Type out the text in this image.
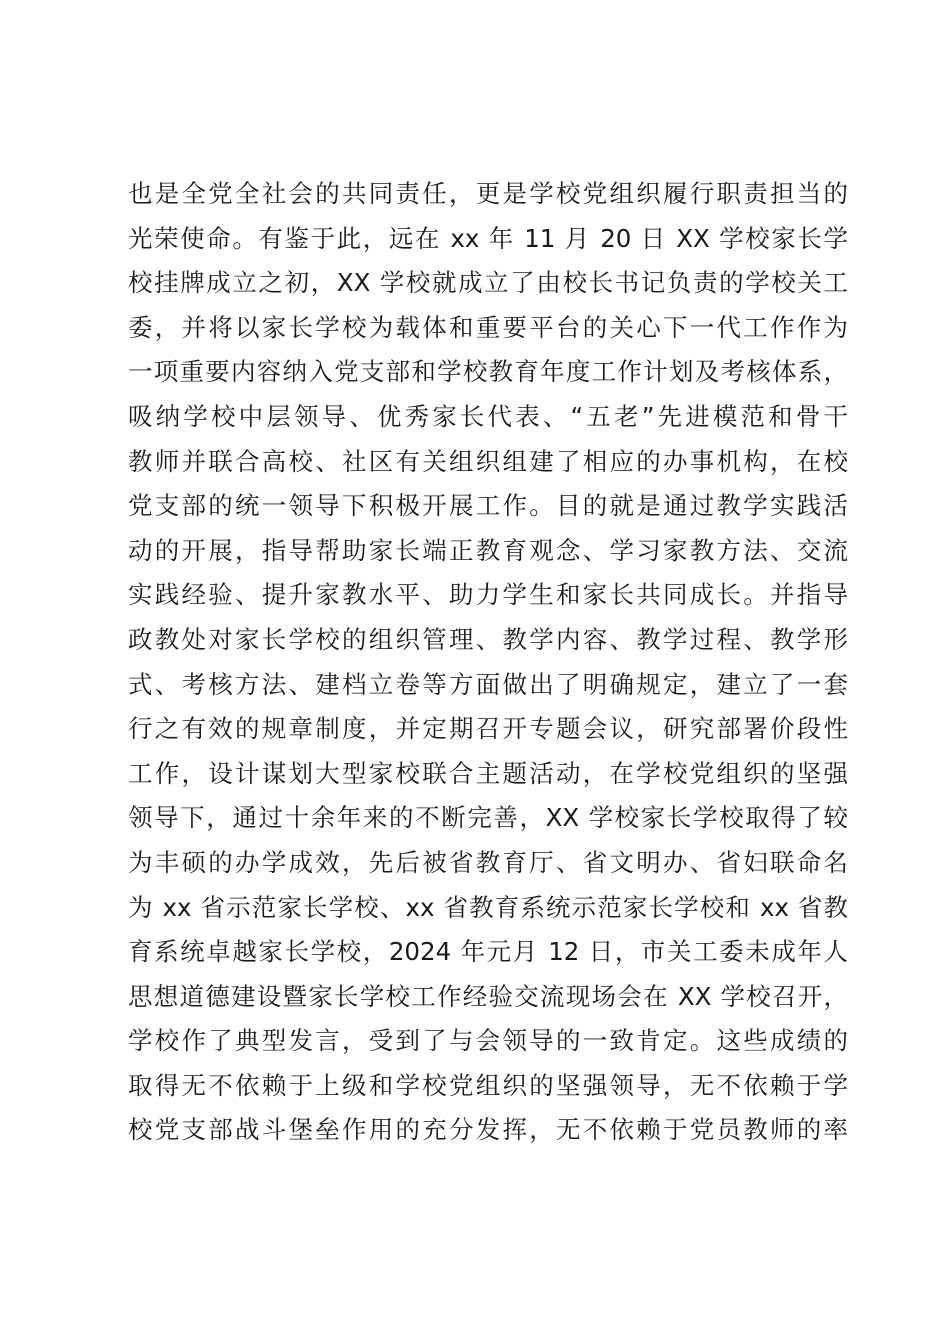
也是全党全社会的共同责任，更是学校党组织履行职责担当的
光荣使命。有鉴于此，远在 xx 年 11 月 20 日 XX 学校家长学
校挂牌成立之初，XX 学校就成立了由校长书记负责的学校关工
委，并将以家长学校为载体和重要平台的关心下一代工作作为
一项重要内容纳入党支部和学校教育年度工作计划及考核体系，
吸纳学校中层领导、优秀家长代表、“五老”先进模范和骨干
教师并联合高校、社区有关组织组建了相应的办事机构，在校
党支部的统一领导下积极开展工作。目的就是通过教学实践活
动的开展，指导帮助家长端正教育观念、学习家教方法、交流
实践经验、提升家教水平、助力学生和家长共同成长。并指导
政教处对家长学校的组织管理、教学内容、教学过程、教学形
式、考核方法、建档立卷等方面做出了明确规定，建立了一套
行之有效的规章制度，并定期召开专题会议，研究部署价段性
工作，设计谋划大型家校联合主题活动，在学校党组织的坚强
领导下，通过十余年来的不断完善，XX 学校家长学校取得了较
为丰硕的办学成效，先后被省教育厅、省文明办、省妇联命名
为 xx 省示范家长学校、xx 省教育系统示范家长学校和 xx 省教
育系统卓越家长学校，2024 年元月 12 日，市关工委未成年人
思想道德建设暨家长学校工作经验交流现场会在 XX 学校召开，
学校作了典型发言，受到了与会领导的一致肯定。这些成绩的
取得无不依赖于上级和学校党组织的坚强领导，无不依赖于学
校党支部战斗堡垒作用的充分发挥，无不依赖于党员教师的率
